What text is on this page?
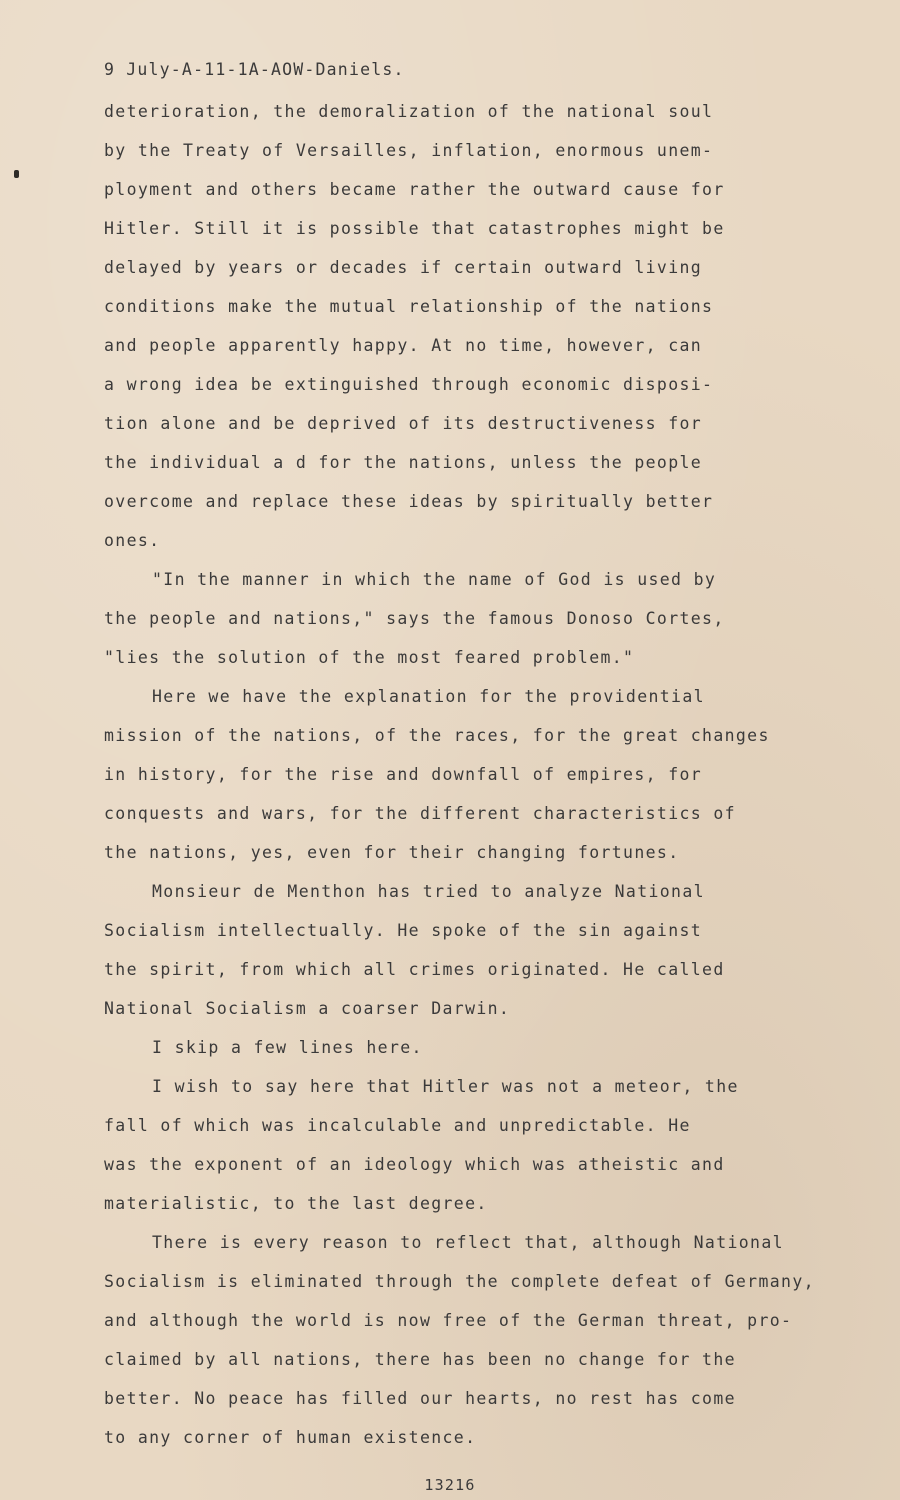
9 July-A-11-1A-AOW-Daniels.
deterioration, the demoralization of the national soul
by the Treaty of Versailles, inflation, enormous unem-
ployment and others became rather the outward cause for
Hitler. Still it is possible that catastrophes might be
delayed by years or decades if certain outward living
conditions make the mutual relationship of the nations
and people apparently happy. At no time, however, can
a wrong idea be extinguished through economic disposi-
tion alone and be deprived of its destructiveness for
the individual a d for the nations, unless the people
overcome and replace these ideas by spiritually better
ones.
"In the manner in which the name of God is used by
the people and nations," says the famous Donoso Cortes,
"lies the solution of the most feared problem."
Here we have the explanation for the providential
mission of the nations, of the races, for the great changes
in history, for the rise and downfall of empires, for
conquests and wars, for the different characteristics of
the nations, yes, even for their changing fortunes.
Monsieur de Menthon has tried to analyze National
Socialism intellectually. He spoke of the sin against
the spirit, from which all crimes originated. He called
National Socialism a coarser Darwin.
I skip a few lines here.
I wish to say here that Hitler was not a meteor, the
fall of which was incalculable and unpredictable. He
was the exponent of an ideology which was atheistic and
materialistic, to the last degree.
There is every reason to reflect that, although National
Socialism is eliminated through the complete defeat of Germany,
and although the world is now free of the German threat, pro-
claimed by all nations, there has been no change for the
better. No peace has filled our hearts, no rest has come
to any corner of human existence.
13216
